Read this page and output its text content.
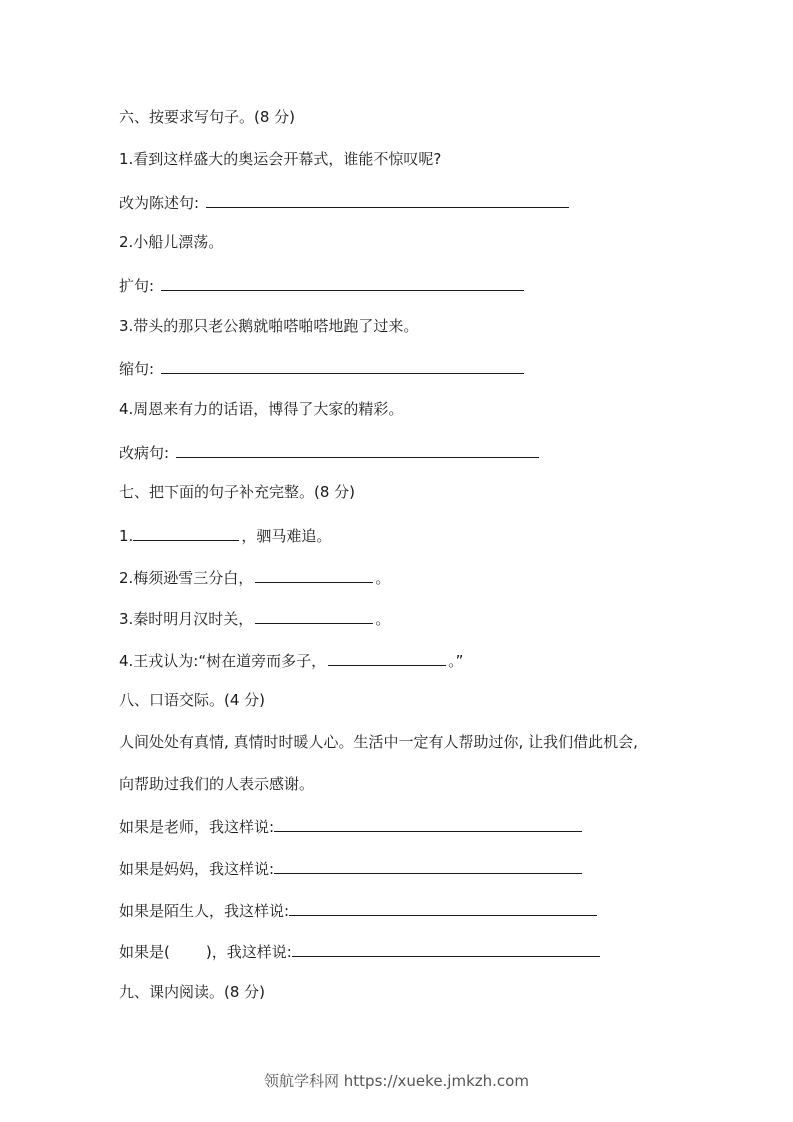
六、按要求写句子。(8 分)
1.看到这样盛大的奥运会开幕式，谁能不惊叹呢?
改为陈述句:
2.小船儿漂荡。
扩句:
3.带头的那只老公鹅就啪嗒啪嗒地跑了过来。
缩句:
4.周恩来有力的话语，博得了大家的精彩。
改病句:
七、把下面的句子补充完整。(8 分)
1.	，驷马难追。
2.梅须逊雪三分白，	。
3.秦时明月汉时关，	。
4.王戎认为:“树在道旁而多子，	。”
八、口语交际。(4 分)
人间处处有真情, 真情时时暖人心。生活中一定有人帮助过你, 让我们借此机会,
向帮助过我们的人表示感谢。
如果是老师，我这样说:
如果是妈妈，我这样说:
如果是陌生人，我这样说:
如果是( )，我这样说:
九、课内阅读。(8 分)
领航学科网 https://xueke.jmkzh.com
